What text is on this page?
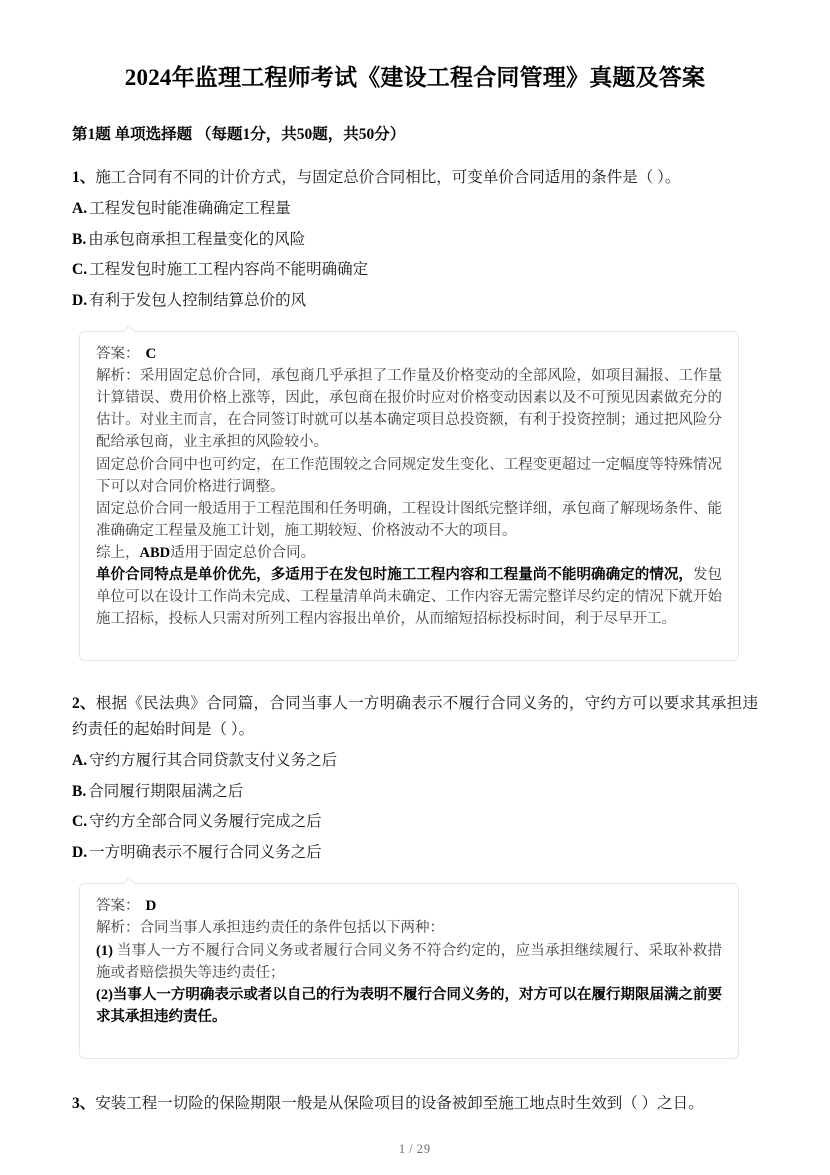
2024年监理工程师考试《建设工程合同管理》真题及答案
第1题 单项选择题 （每题1分，共50题，共50分）

1、施工合同有不同的计价方式，与固定总价合同相比，可变单价合同适用的条件是（ ）。

A. 工程发包时能准确确定工程量

B. 由承包商承担工程量变化的风险

C. 工程发包时施工工程内容尚不能明确确定

D. 有利于发包人控制结算总价的风

答案： C

解析：采用固定总价合同，承包商几乎承担了工作量及价格变动的全部风险，如项目漏报、工作量计算错误、费用价格上涨等，因此，承包商在报价时应对价格变动因素以及不可预见因素做充分的估计。对业主而言，在合同签订时就可以基本确定项目总投资额，有利于投资控制；通过把风险分配给承包商，业主承担的风险较小。

固定总价合同中也可约定，在工作范围较之合同规定发生变化、工程变更超过一定幅度等特殊情况下可以对合同价格进行调整。

固定总价合同一般适用于工程范围和任务明确，工程设计图纸完整详细，承包商了解现场条件、能准确确定工程量及施工计划，施工期较短、价格波动不大的项目。

综上，ABD适用于固定总价合同。

单价合同特点是单价优先，多适用于在发包时施工工程内容和工程量尚不能明确确定的情况，发包单位可以在设计工作尚未完成、工程量清单尚未确定、工作内容无需完整详尽约定的情况下就开始施工招标，投标人只需对所列工程内容报出单价，从而缩短招标投标时间，利于尽早开工。

2、根据《民法典》合同篇，合同当事人一方明确表示不履行合同义务的，守约方可以要求其承担违约责任的起始时间是（ ）。

A. 守约方履行其合同贷款支付义务之后

B. 合同履行期限届满之后

C. 守约方全部合同义务履行完成之后

D. 一方明确表示不履行合同义务之后

答案： D

解析：合同当事人承担违约责任的条件包括以下两种：

(1) 当事人一方不履行合同义务或者履行合同义务不符合约定的，应当承担继续履行、采取补救措施或者赔偿损失等违约责任；

(2)当事人一方明确表示或者以自己的行为表明不履行合同义务的，对方可以在履行期限届满之前要求其承担违约责任。

3、安装工程一切险的保险期限一般是从保险项目的设备被卸至施工地点时生效到（ ）之日。

1 / 29
